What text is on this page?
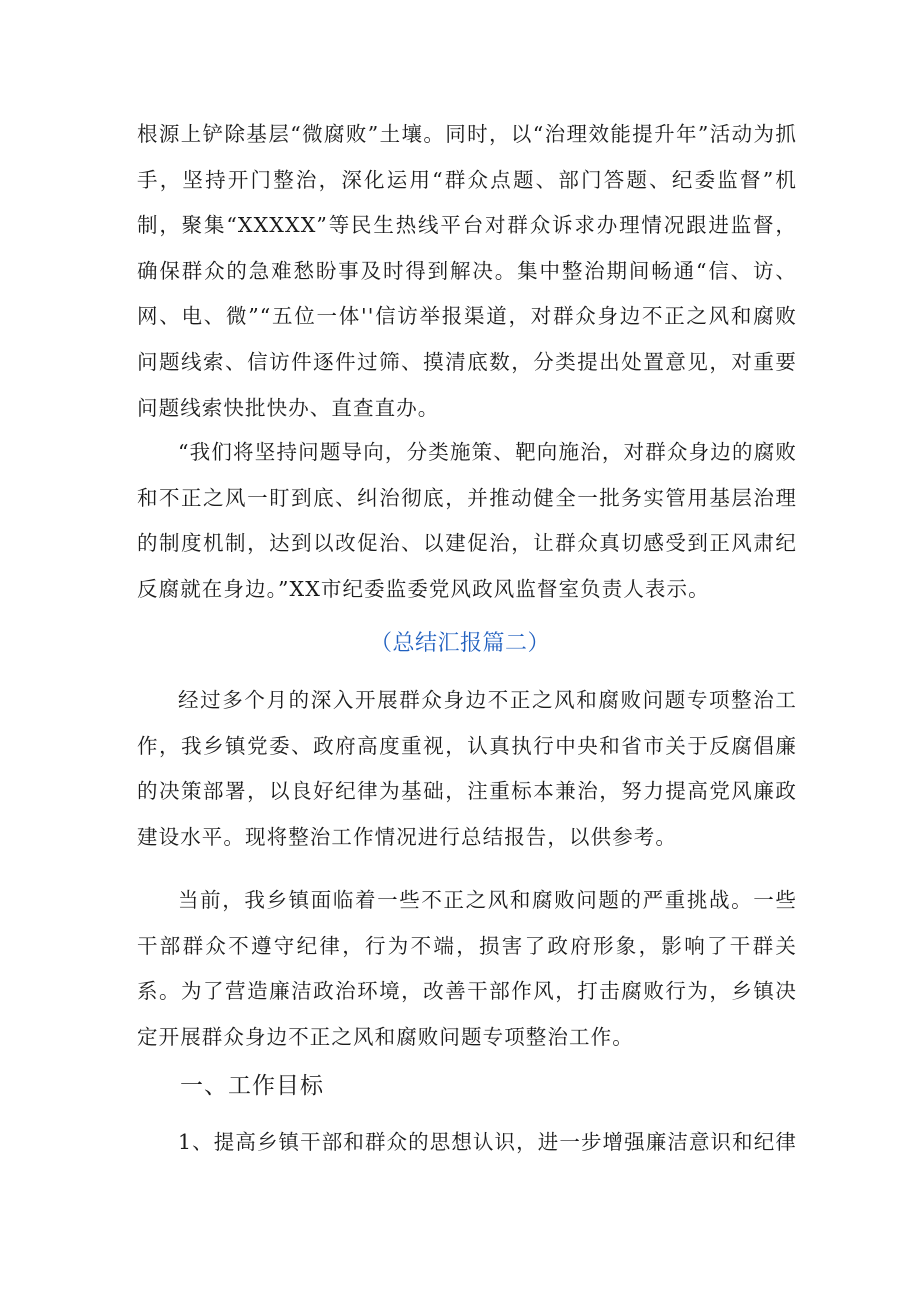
根源上铲除基层“微腐败”土壤。同时，以“治理效能提升年”活动为抓手，坚持开门整治，深化运用“群众点题、部门答题、纪委监督”机制，聚集“XXXXX”等民生热线平台对群众诉求办理情况跟进监督，确保群众的急难愁盼事及时得到解决。集中整治期间畅通“信、访、网、电、微”“五位一体''信访举报渠道，对群众身边不正之风和腐败问题线索、信访件逐件过筛、摸清底数，分类提出处置意见，对重要问题线索快批快办、直查直办。

“我们将坚持问题导向，分类施策、靶向施治，对群众身边的腐败和不正之风一盯到底、纠治彻底，并推动健全一批务实管用基层治理的制度机制，达到以改促治、以建促治，让群众真切感受到正风肃纪反腐就在身边。”XX市纪委监委党风政风监督室负责人表示。

（总结汇报篇二）

经过多个月的深入开展群众身边不正之风和腐败问题专项整治工作，我乡镇党委、政府高度重视，认真执行中央和省市关于反腐倡廉的决策部署，以良好纪律为基础，注重标本兼治，努力提高党风廉政建设水平。现将整治工作情况进行总结报告，以供参考。

当前，我乡镇面临着一些不正之风和腐败问题的严重挑战。一些干部群众不遵守纪律，行为不端，损害了政府形象，影响了干群关系。为了营造廉洁政治环境，改善干部作风，打击腐败行为，乡镇决定开展群众身边不正之风和腐败问题专项整治工作。

一、工作目标

1、提高乡镇干部和群众的思想认识，进一步增强廉洁意识和纪律
